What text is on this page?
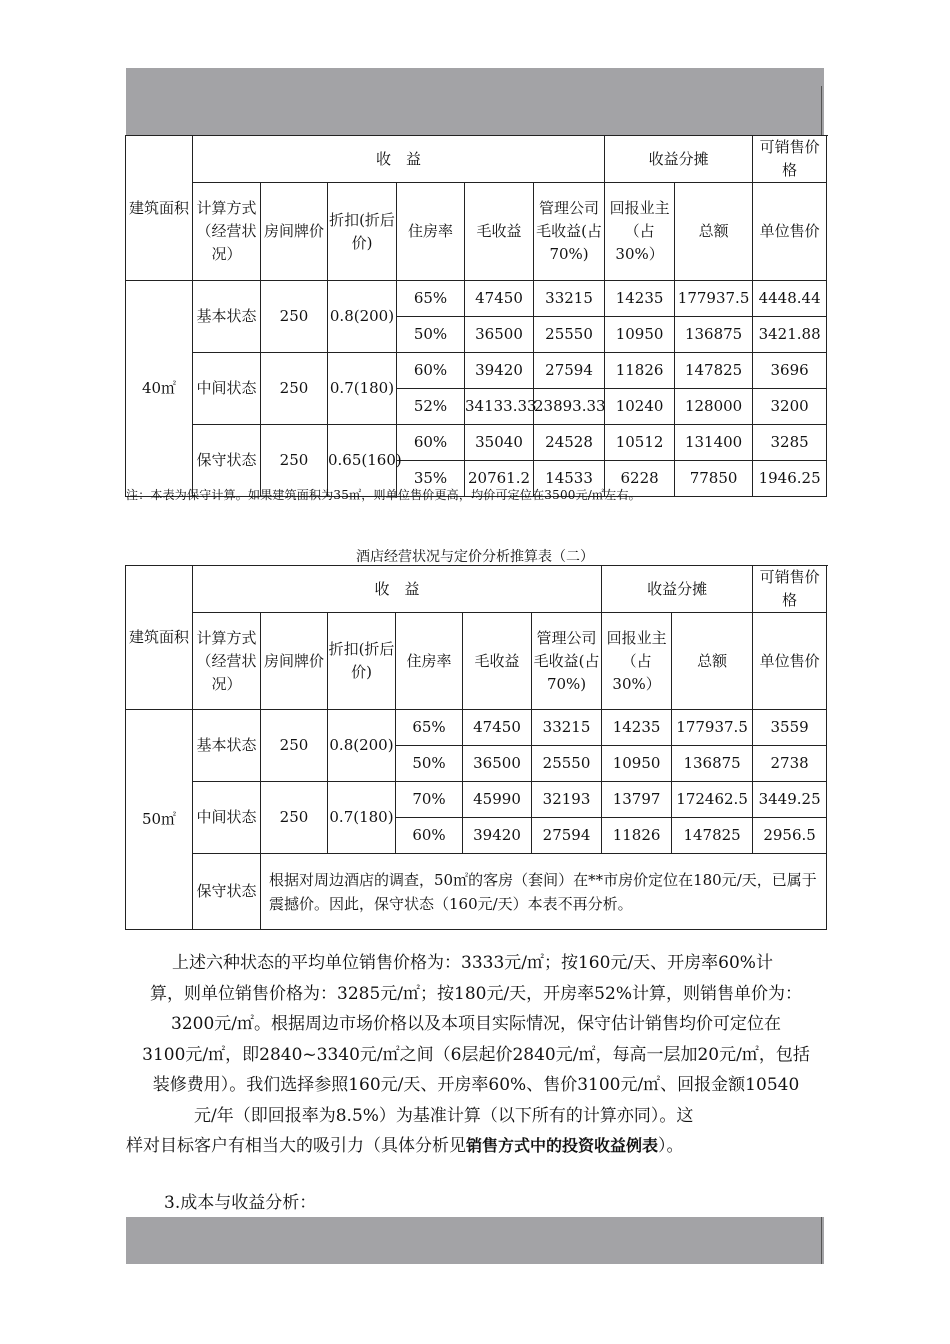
建筑面积	收　益						收益分摊		可销售价格
	计算方式（经营状况）	房间牌价	折扣(折后价)	住房率	毛收益	管理公司毛收益(占70%)	回报业主（占30%）	总额	单位售价
40㎡	基本状态	250	0.8(200)	65%	47450	33215	14235	177937.5	4448.44
				50%	36500	25550	10950	136875	3421.88
	中间状态	250	0.7(180)	60%	39420	27594	11826	147825	3696
				52%	34133.33	23893.33	10240	128000	3200
	保守状态	250	0.65(160)	60%	35040	24528	10512	131400	3285
				35%	20761.2	14533	6228	77850	1946.25
注：本表为保守计算。如果建筑面积为35㎡，则单位售价更高，均价可定位在3500元/㎡左右。
酒店经营状况与定价分析推算表（二）
建筑面积	收　益						收益分摊		可销售价格
	计算方式（经营状况）	房间牌价	折扣(折后价)	住房率	毛收益	管理公司毛收益(占70%)	回报业主（占30%）	总额	单位售价
50㎡	基本状态	250	0.8(200)	65%	47450	33215	14235	177937.5	3559
				50%	36500	25550	10950	136875	2738
	中间状态	250	0.7(180)	70%	45990	32193	13797	172462.5	3449.25
				60%	39420	27594	11826	147825	2956.5
	保守状态	根据对周边酒店的调查，50㎡的客房（套间）在**市房价定位在180元/天，已属于震撼价。因此，保守状态（160元/天）本表不再分析。							
上述六种状态的平均单位销售价格为：3333元/㎡；按160元/天、开房率60%计
算，则单位销售价格为：3285元/㎡；按180元/天，开房率52%计算，则销售单价为：
3200元/㎡。根据周边市场价格以及本项目实际情况，保守估计销售均价可定位在
3100元/㎡，即2840~3340元/㎡之间（6层起价2840元/㎡，每高一层加20元/㎡，包括
装修费用）。我们选择参照160元/天、开房率60%、售价3100元/㎡、回报金额10540
元/年（即回报率为8.5%）为基准计算（以下所有的计算亦同）。这
样对目标客户有相当大的吸引力（具体分析见销售方式中的投资收益例表）。
3.成本与收益分析：
